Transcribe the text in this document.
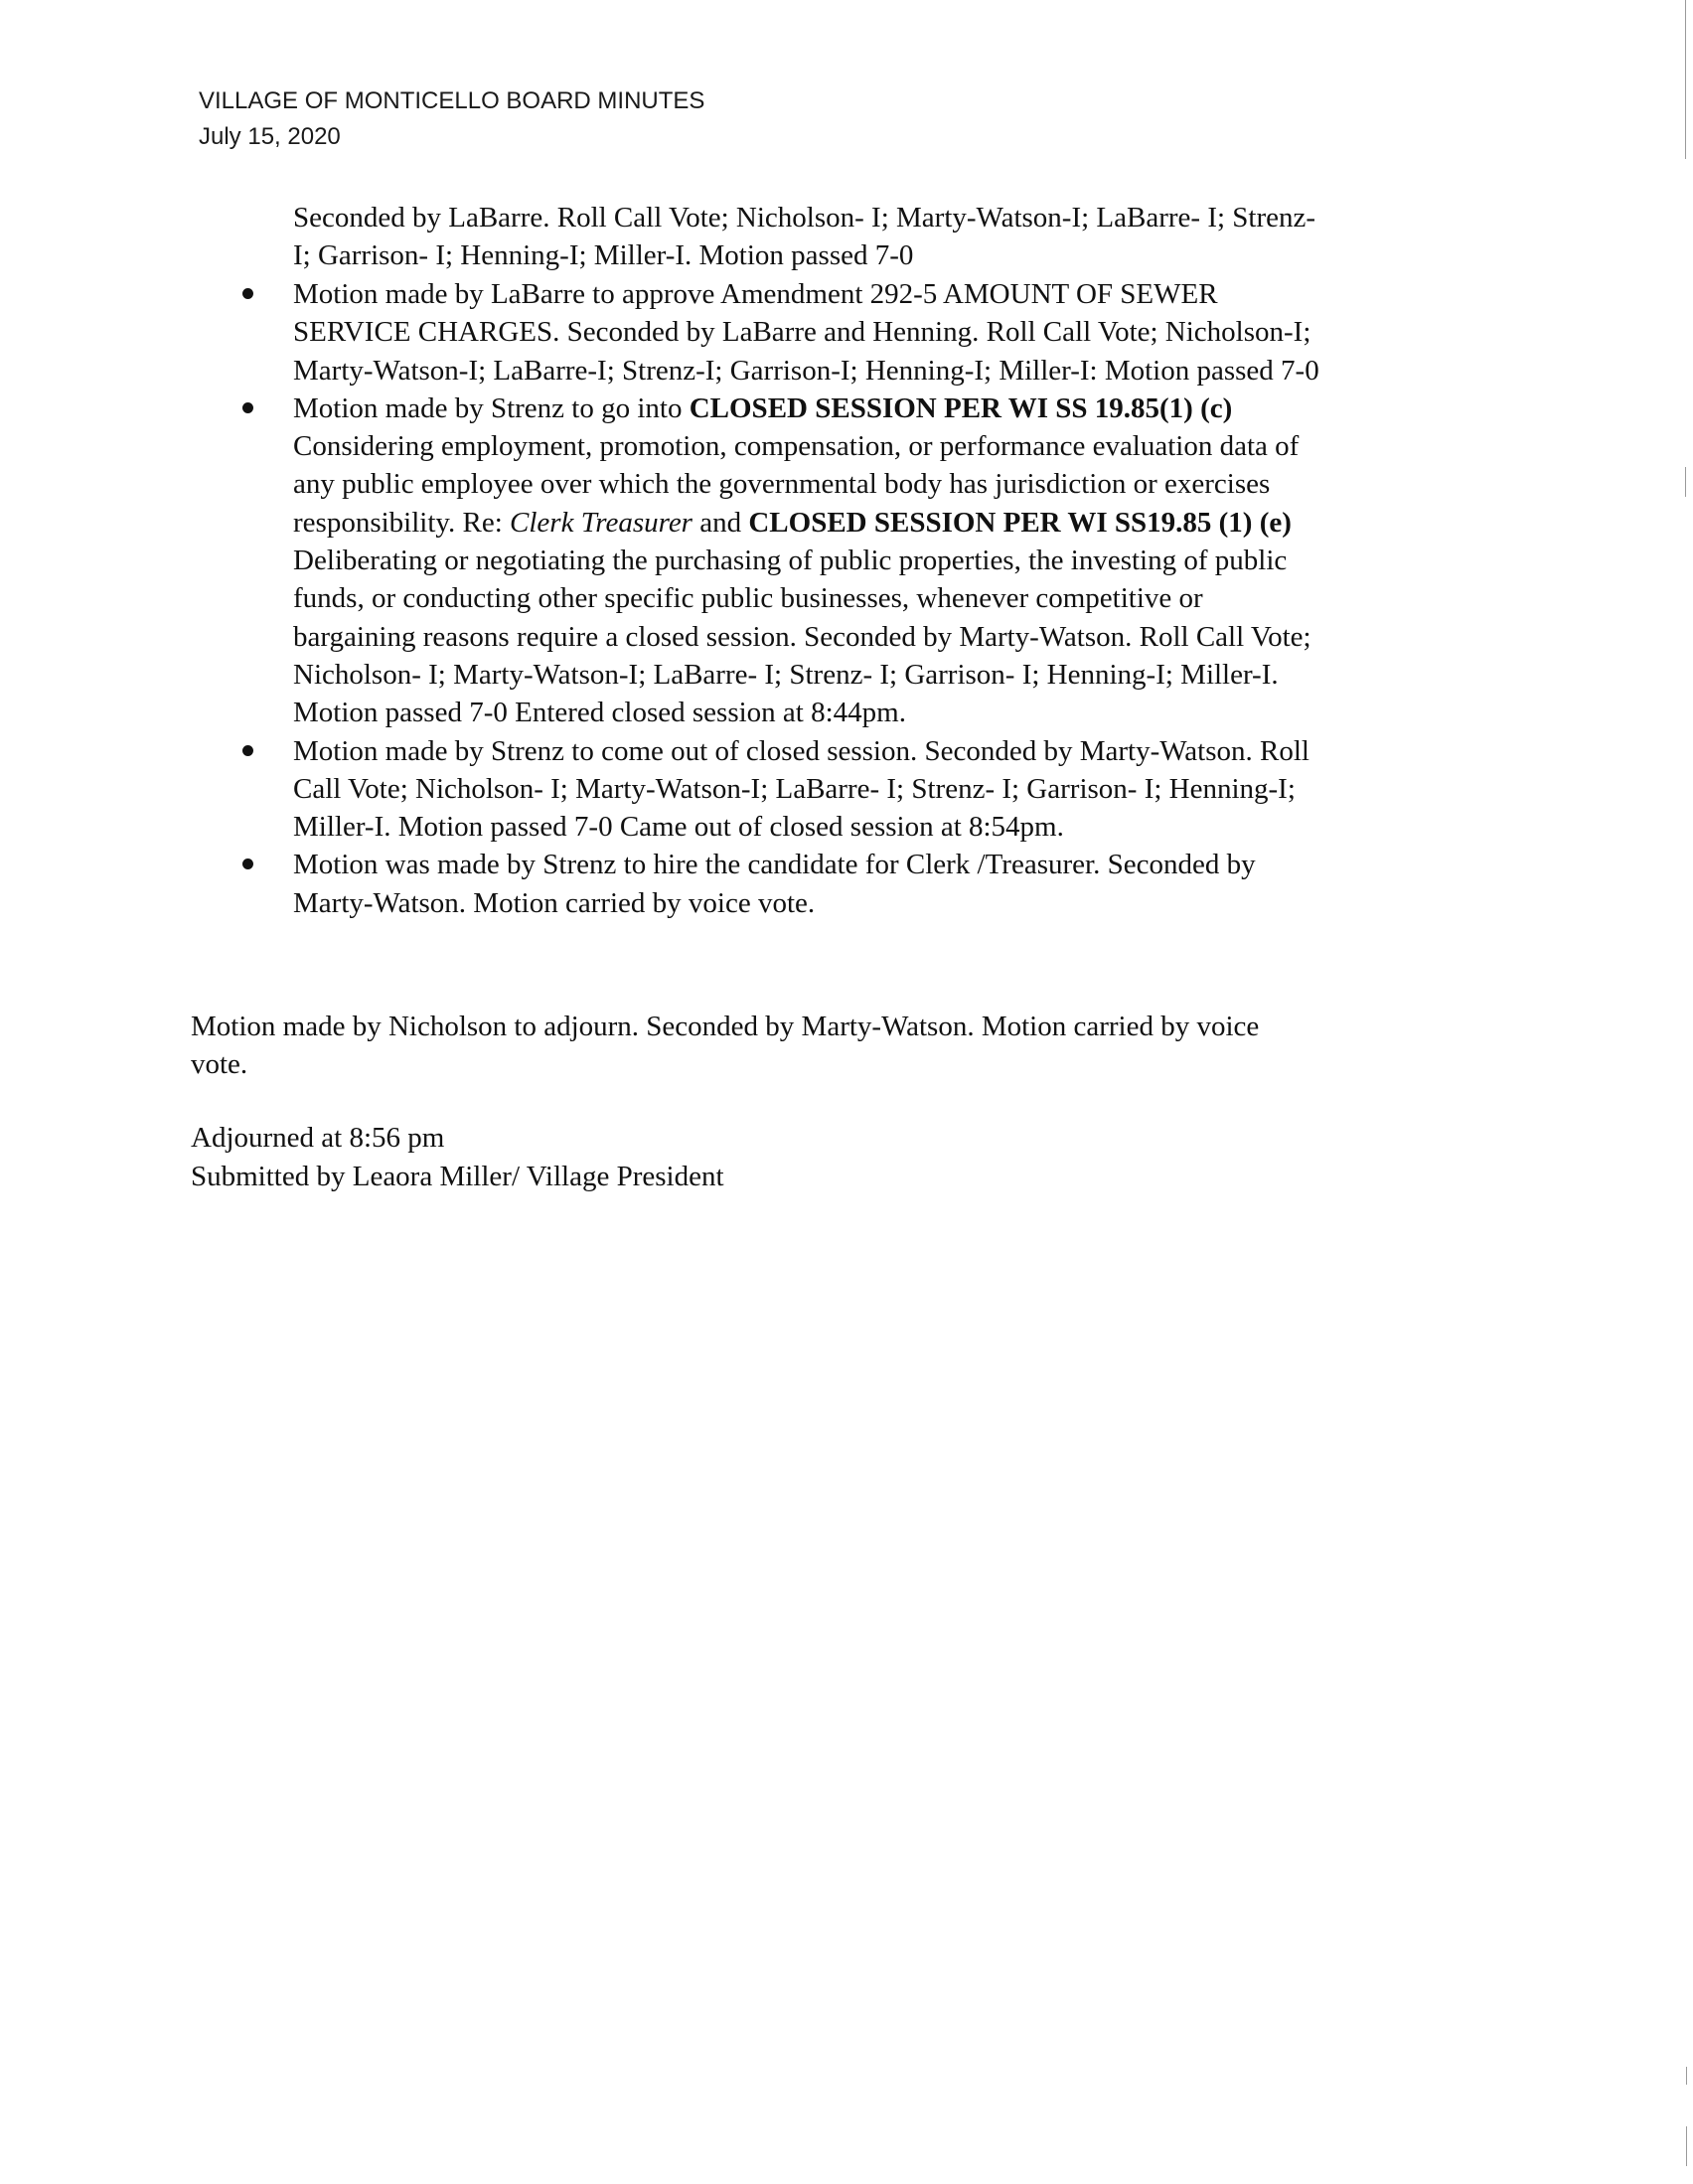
VILLAGE OF MONTICELLO BOARD MINUTES
July 15, 2020
Seconded by LaBarre. Roll Call Vote; Nicholson- I; Marty-Watson-I; LaBarre- I; Strenz-
I; Garrison- I; Henning-I; Miller-I. Motion passed 7-0
Motion made by LaBarre to approve Amendment 292-5 AMOUNT OF SEWER
SERVICE CHARGES. Seconded by LaBarre and Henning. Roll Call Vote; Nicholson-I;
Marty-Watson-I; LaBarre-I; Strenz-I; Garrison-I; Henning-I; Miller-I: Motion passed 7-0
Motion made by Strenz to go into CLOSED SESSION PER WI SS 19.85(1) (c)
Considering employment, promotion, compensation, or performance evaluation data of
any public employee over which the governmental body has jurisdiction or exercises
responsibility. Re: Clerk Treasurer and CLOSED SESSION PER WI SS19.85 (1) (e)
Deliberating or negotiating the purchasing of public properties, the investing of public
funds, or conducting other specific public businesses, whenever competitive or
bargaining reasons require a closed session. Seconded by Marty-Watson. Roll Call Vote;
Nicholson- I; Marty-Watson-I; LaBarre- I; Strenz- I; Garrison- I; Henning-I; Miller-I.
Motion passed 7-0 Entered closed session at 8:44pm.
Motion made by Strenz to come out of closed session. Seconded by Marty-Watson. Roll
Call Vote; Nicholson- I; Marty-Watson-I; LaBarre- I; Strenz- I; Garrison- I; Henning-I;
Miller-I. Motion passed 7-0 Came out of closed session at 8:54pm.
Motion was made by Strenz to hire the candidate for Clerk /Treasurer. Seconded by
Marty-Watson. Motion carried by voice vote.
Motion made by Nicholson to adjourn. Seconded by Marty-Watson. Motion carried by voice
vote.
Adjourned at 8:56 pm
Submitted by Leaora Miller/ Village President
